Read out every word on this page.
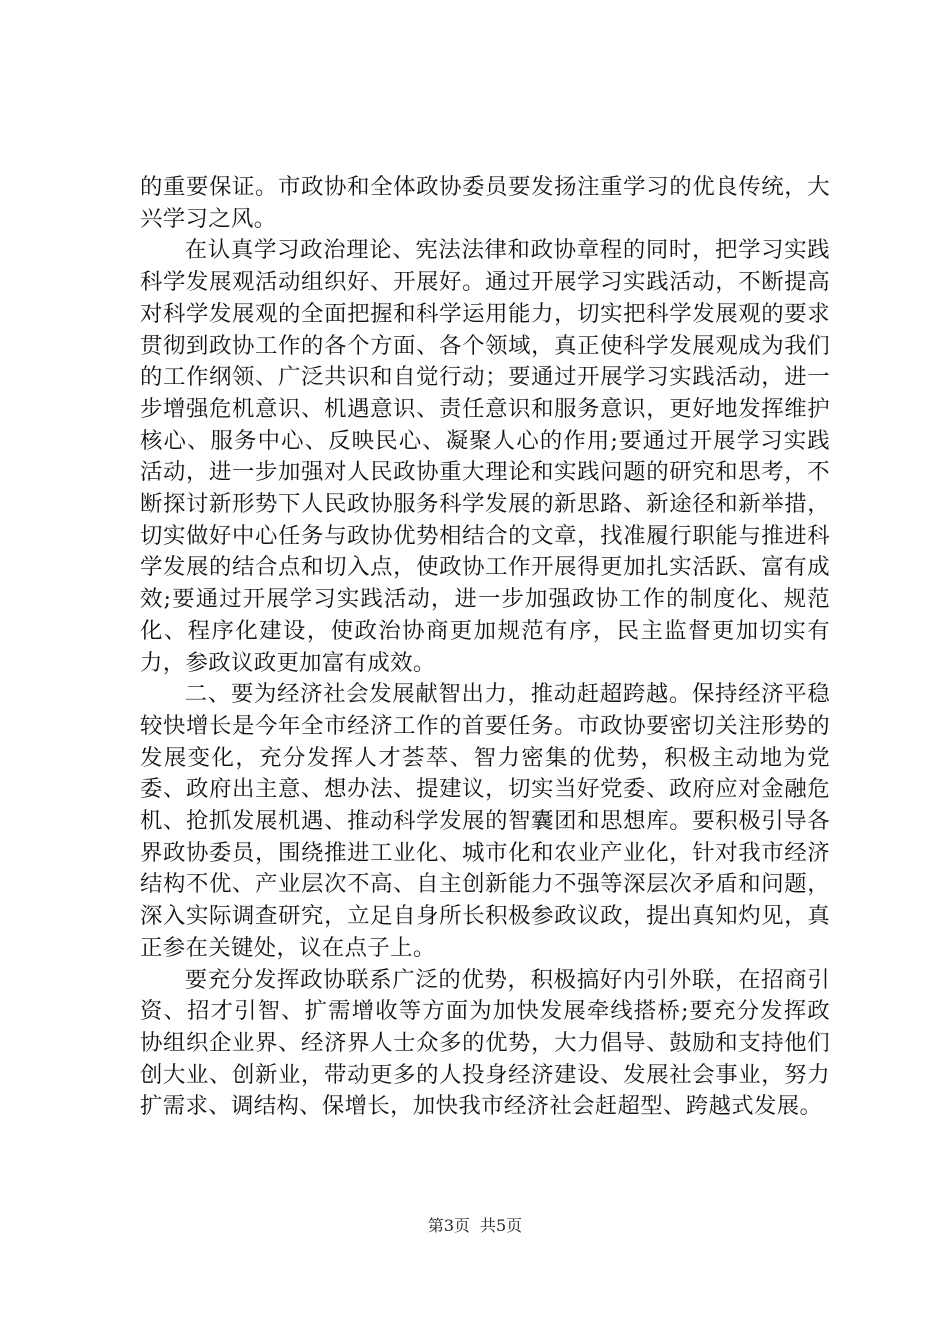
的重要保证。市政协和全体政协委员要发扬注重学习的优良传统，大兴学习之风。

在认真学习政治理论、宪法法律和政协章程的同时，把学习实践科学发展观活动组织好、开展好。通过开展学习实践活动，不断提高对科学发展观的全面把握和科学运用能力，切实把科学发展观的要求贯彻到政协工作的各个方面、各个领域，真正使科学发展观成为我们的工作纲领、广泛共识和自觉行动；要通过开展学习实践活动，进一步增强危机意识、机遇意识、责任意识和服务意识，更好地发挥维护核心、服务中心、反映民心、凝聚人心的作用;要通过开展学习实践活动，进一步加强对人民政协重大理论和实践问题的研究和思考，不断探讨新形势下人民政协服务科学发展的新思路、新途径和新举措，切实做好中心任务与政协优势相结合的文章，找准履行职能与推进科学发展的结合点和切入点，使政协工作开展得更加扎实活跃、富有成效;要通过开展学习实践活动，进一步加强政协工作的制度化、规范化、程序化建设，使政治协商更加规范有序，民主监督更加切实有力，参政议政更加富有成效。

二、要为经济社会发展献智出力，推动赶超跨越。保持经济平稳较快增长是今年全市经济工作的首要任务。市政协要密切关注形势的发展变化，充分发挥人才荟萃、智力密集的优势，积极主动地为党委、政府出主意、想办法、提建议，切实当好党委、政府应对金融危机、抢抓发展机遇、推动科学发展的智囊团和思想库。要积极引导各界政协委员，围绕推进工业化、城市化和农业产业化，针对我市经济结构不优、产业层次不高、自主创新能力不强等深层次矛盾和问题，深入实际调查研究，立足自身所长积极参政议政，提出真知灼见，真正参在关键处，议在点子上。

要充分发挥政协联系广泛的优势，积极搞好内引外联，在招商引资、招才引智、扩需增收等方面为加快发展牵线搭桥;要充分发挥政协组织企业界、经济界人士众多的优势，大力倡导、鼓励和支持他们创大业、创新业，带动更多的人投身经济建设、发展社会事业，努力扩需求、调结构、保增长，加快我市经济社会赶超型、跨越式发展。

第3页 共5页
